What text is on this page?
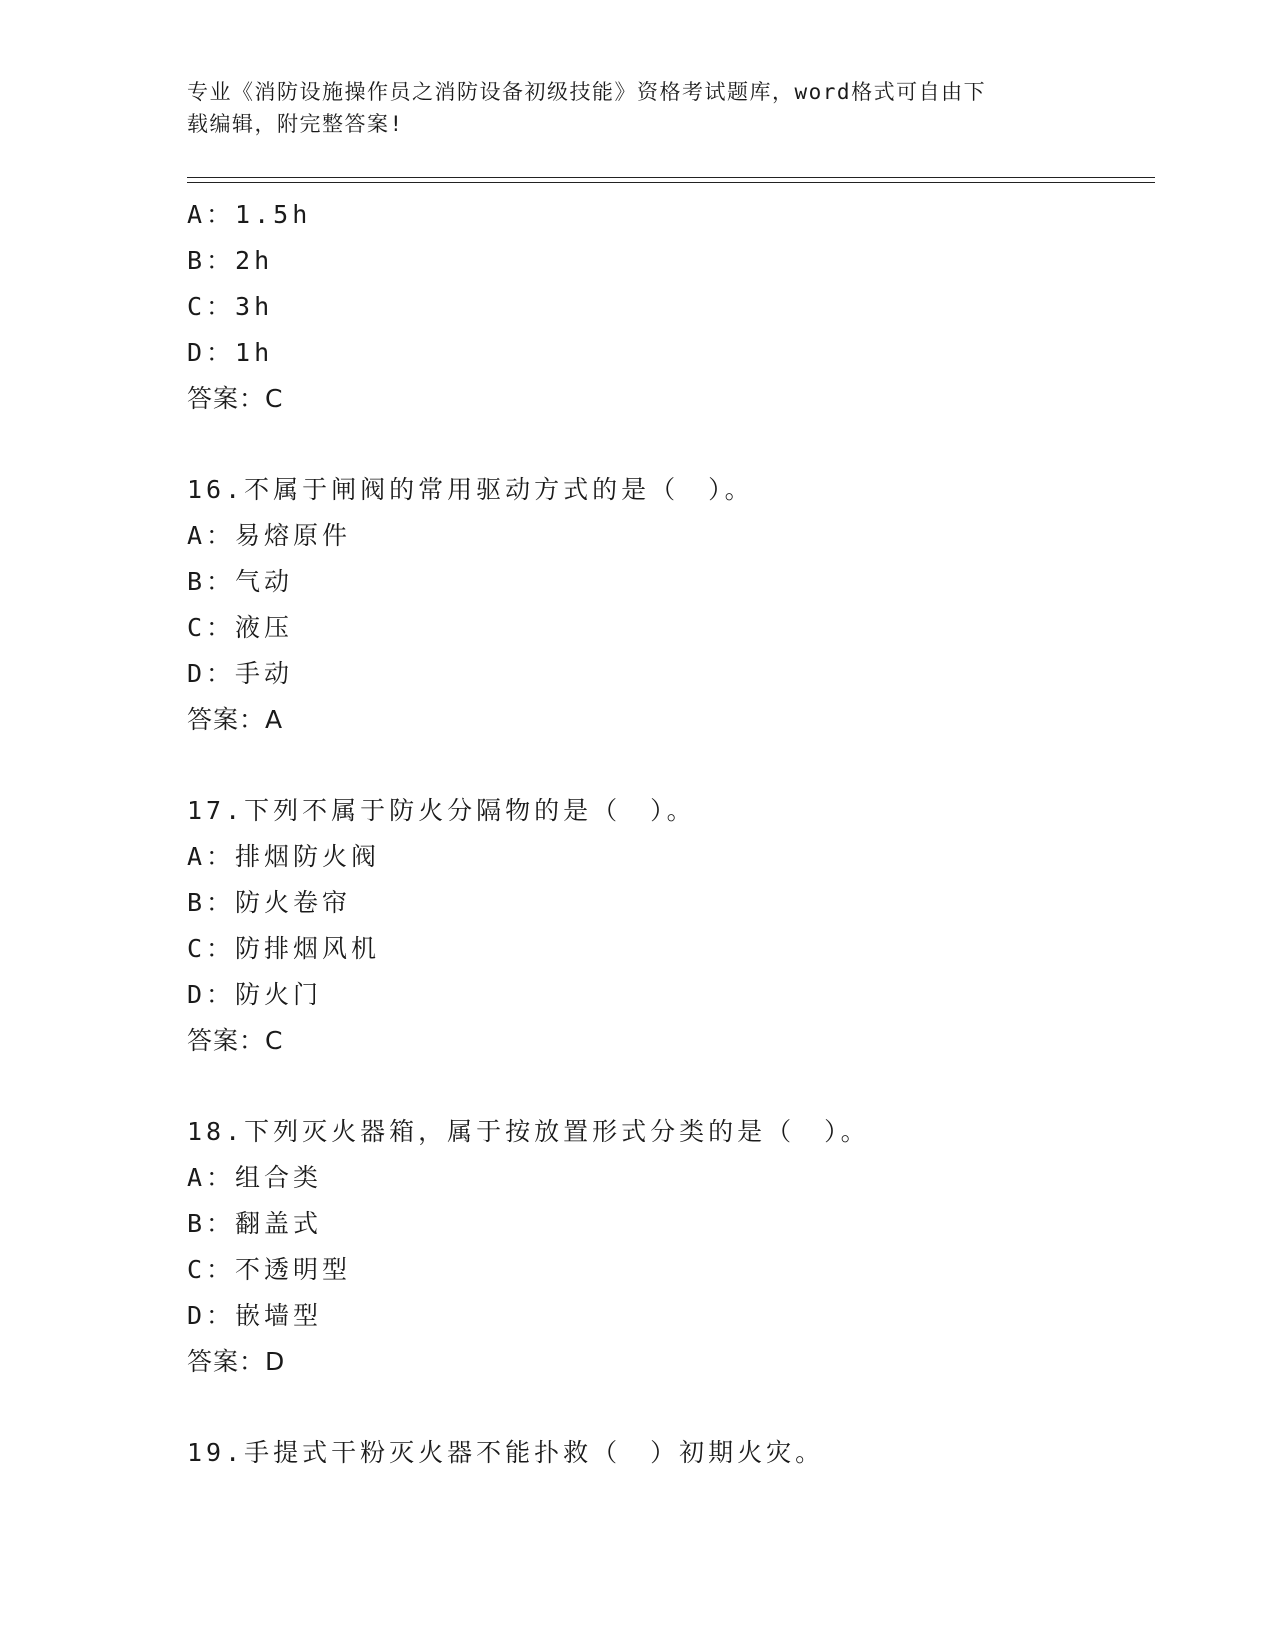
专业《消防设施操作员之消防设备初级技能》资格考试题库，word格式可自由下
载编辑，附完整答案!
A：1.5h
B：2h
C：3h
D：1h
答案：C
16.不属于闸阀的常用驱动方式的是（　）。
A：易熔原件
B：气动
C：液压
D：手动
答案：A
17.下列不属于防火分隔物的是（　）。
A：排烟防火阀
B：防火卷帘
C：防排烟风机
D：防火门
答案：C
18.下列灭火器箱，属于按放置形式分类的是（　）。
A：组合类
B：翻盖式
C：不透明型
D：嵌墙型
答案：D
19.手提式干粉灭火器不能扑救（　）初期火灾。
